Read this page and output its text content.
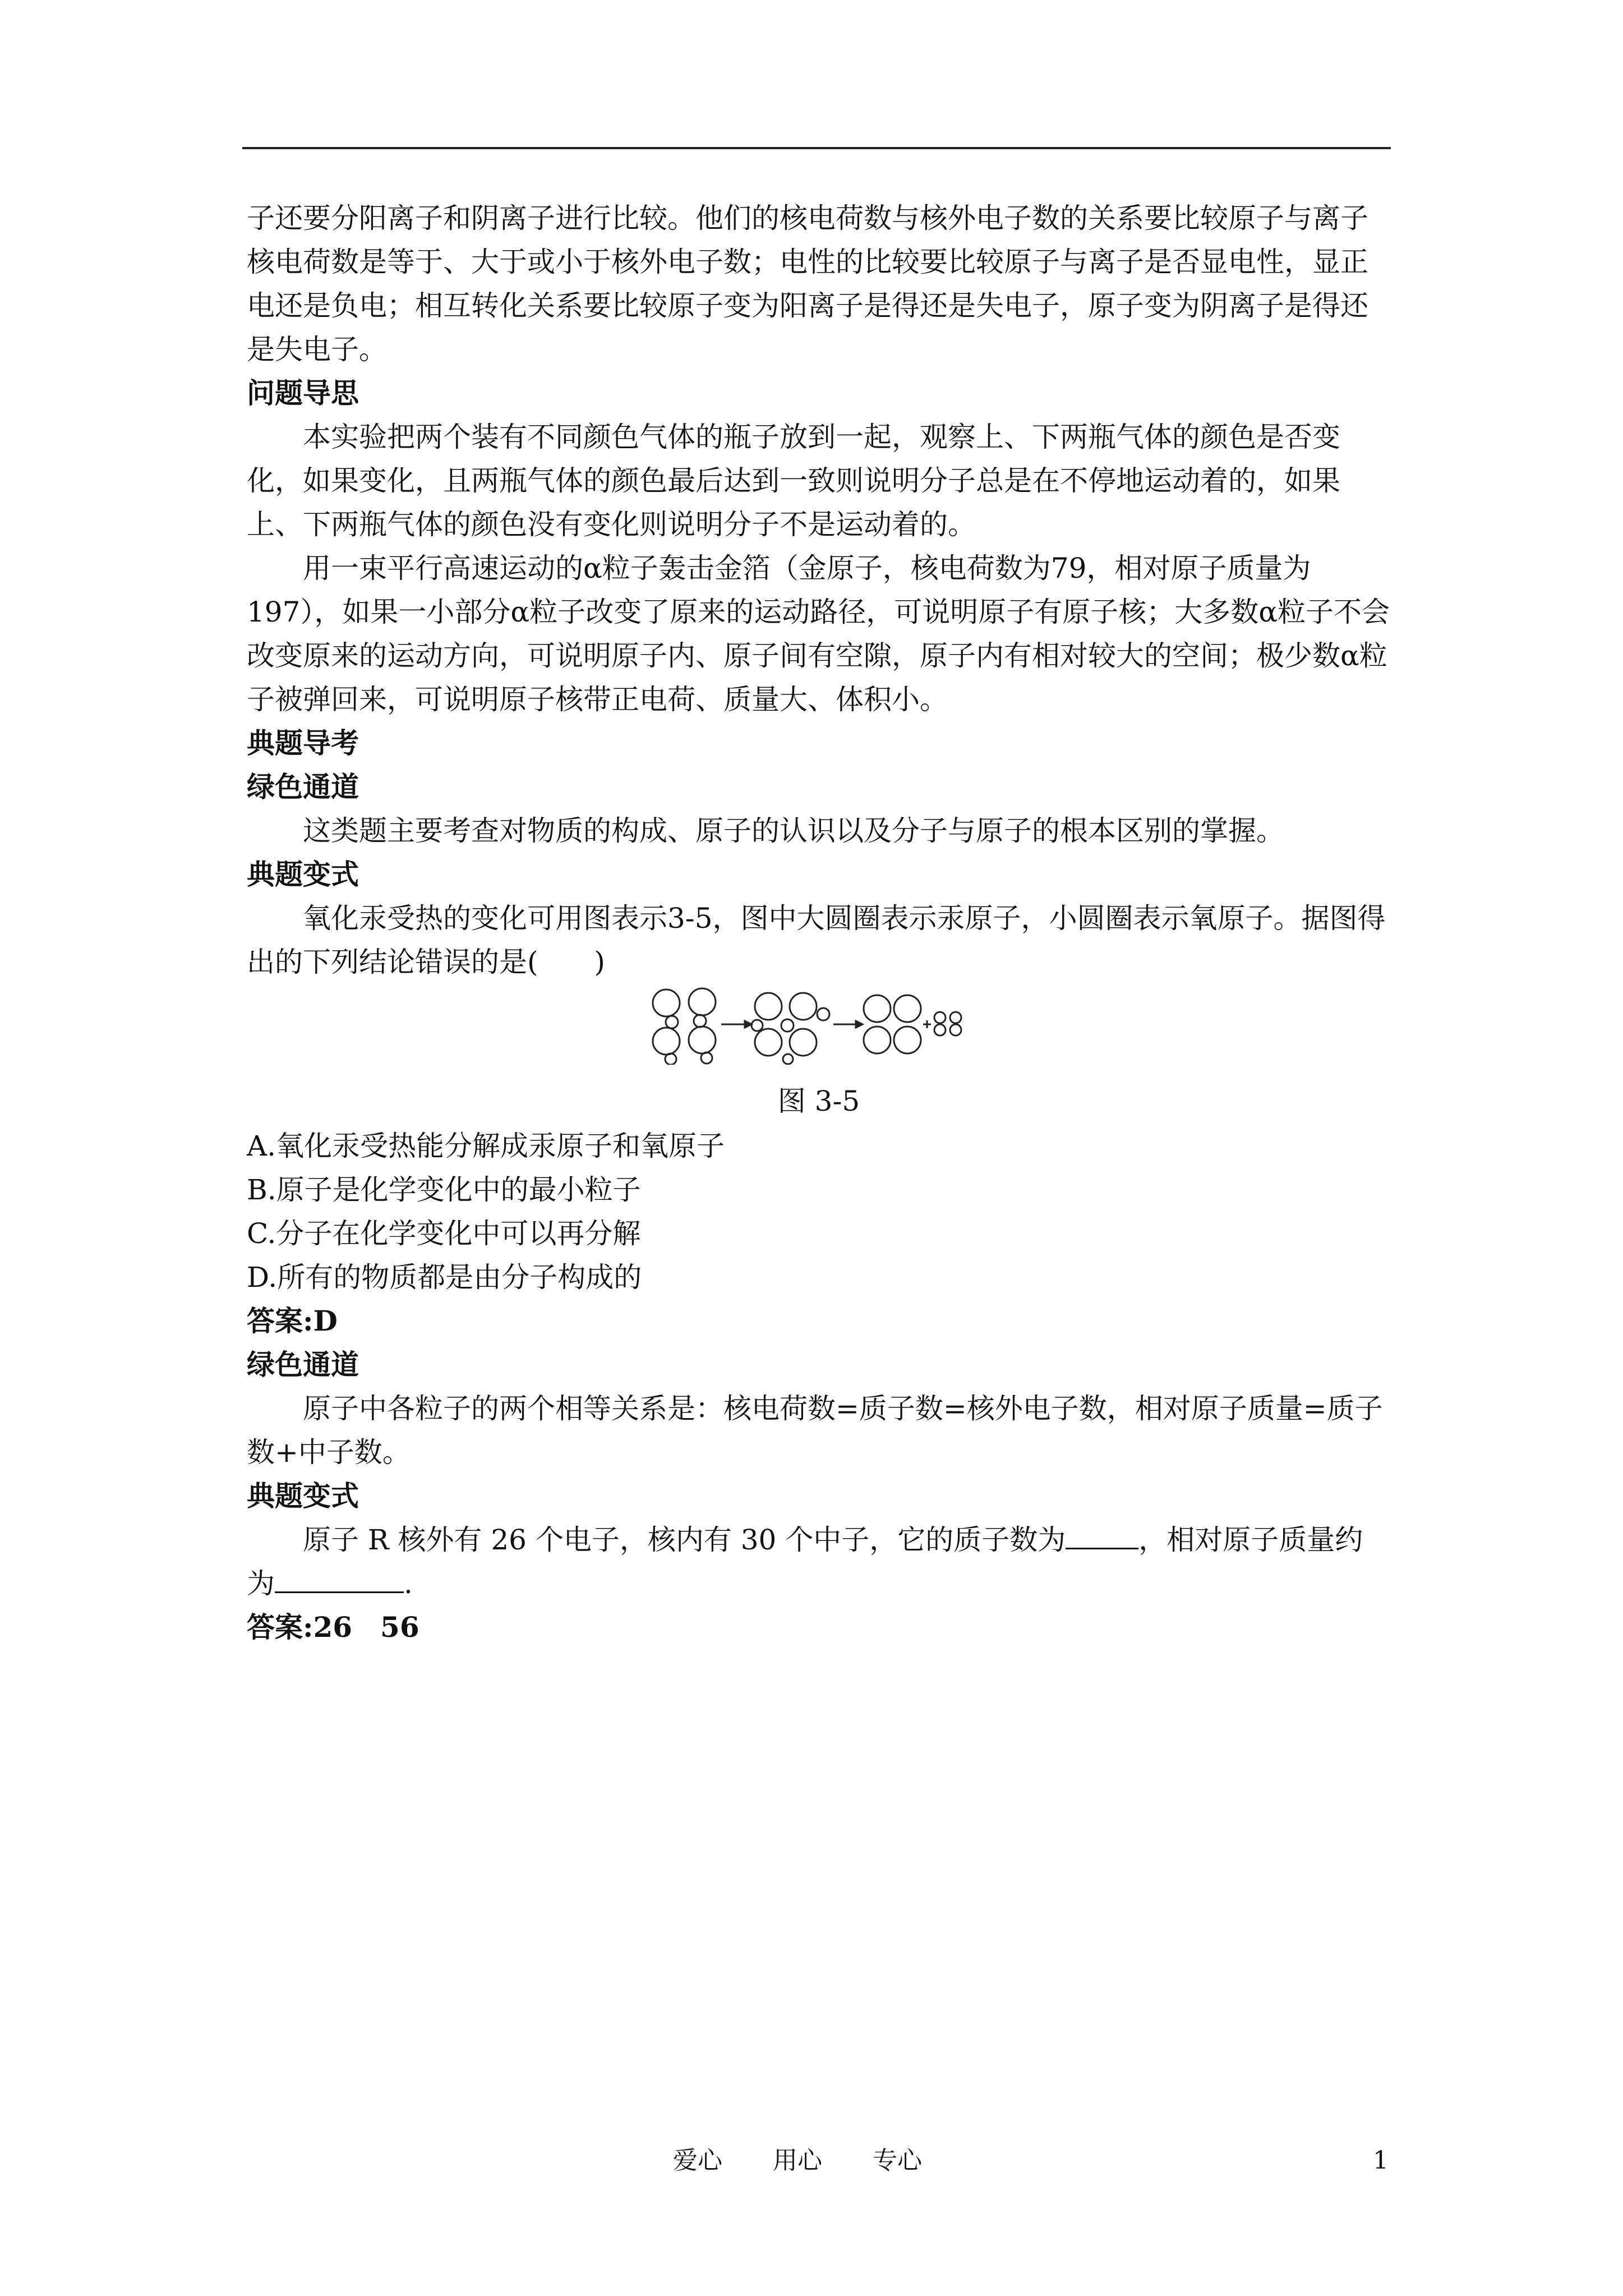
子还要分阳离子和阴离子进行比较。他们的核电荷数与核外电子数的关系要比较原子与离子核电荷数是等于、大于或小于核外电子数；电性的比较要比较原子与离子是否显电性，显正电还是负电；相互转化关系要比较原子变为阳离子是得还是失电子，原子变为阴离子是得还是失电子。

问题导思

本实验把两个装有不同颜色气体的瓶子放到一起，观察上、下两瓶气体的颜色是否变化，如果变化，且两瓶气体的颜色最后达到一致则说明分子总是在不停地运动着的，如果上、下两瓶气体的颜色没有变化则说明分子不是运动着的。

用一束平行高速运动的α粒子轰击金箔（金原子，核电荷数为79，相对原子质量为197），如果一小部分α粒子改变了原来的运动路径，可说明原子有原子核；大多数α粒子不会改变原来的运动方向，可说明原子内、原子间有空隙，原子内有相对较大的空间；极少数α粒子被弹回来，可说明原子核带正电荷、质量大、体积小。

典题导考

绿色通道

这类题主要考查对物质的构成、原子的认识以及分子与原子的根本区别的掌握。

典题变式

氧化汞受热的变化可用图表示3-5，图中大圆圈表示汞原子，小圆圈表示氧原子。据图得出的下列结论错误的是(　　)

图 3-5

A.氧化汞受热能分解成汞原子和氧原子

B.原子是化学变化中的最小粒子

C.分子在化学变化中可以再分解

D.所有的物质都是由分子构成的

答案:D

绿色通道

原子中各粒子的两个相等关系是：核电荷数=质子数=核外电子数，相对原子质量=质子数+中子数。

典题变式

原子 R 核外有 26 个电子，核内有 30 个中子，它的质子数为	，相对原子质量约为	.

答案:26　56

爱心 用心 专心	1
